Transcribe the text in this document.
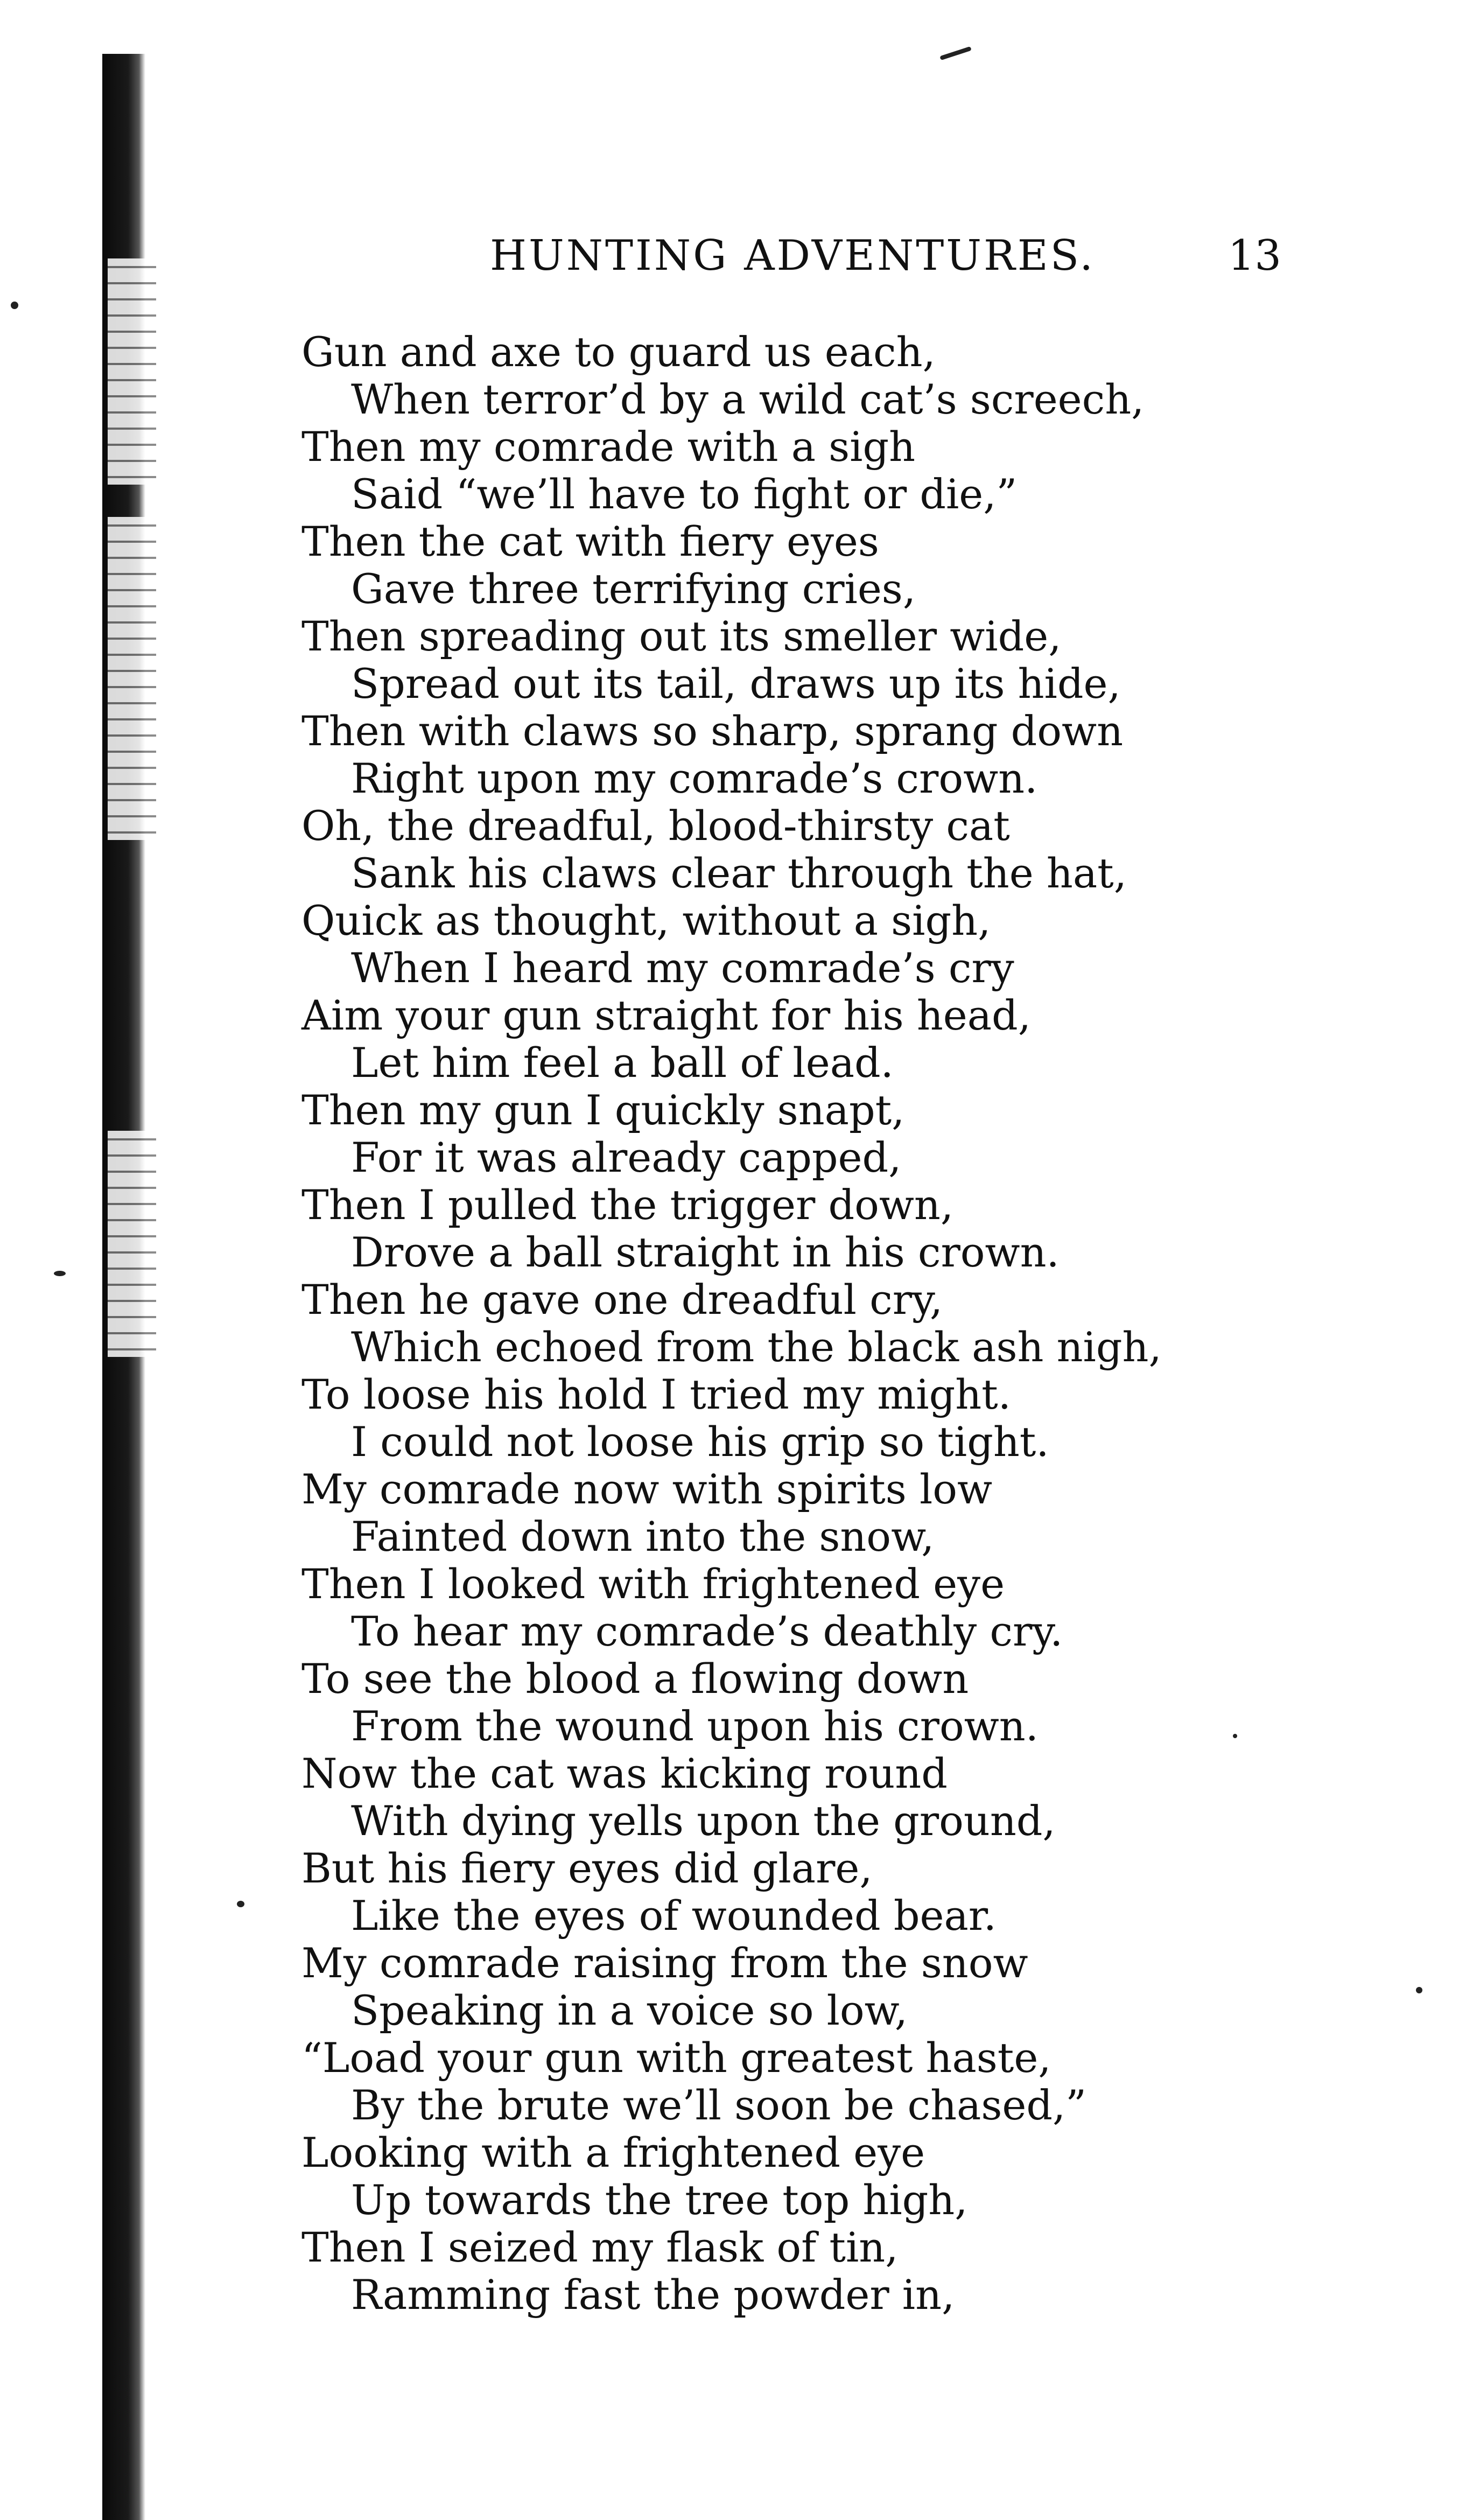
HUNTING ADVENTURES.	13
Gun and axe to guard us each,
When terror’d by a wild cat’s screech,
Then my comrade with a sigh
Said “we’ll have to fight or die,”
Then the cat with fiery eyes
Gave three terrifying cries,
Then spreading out its smeller wide,
Spread out its tail, draws up its hide,
Then with claws so sharp, sprang down
Right upon my comrade’s crown.
Oh, the dreadful, blood-thirsty cat
Sank his claws clear through the hat,
Quick as thought, without a sigh,
When I heard my comrade’s cry
Aim your gun straight for his head,
Let him feel a ball of lead.
Then my gun I quickly snapt,
For it was already capped,
Then I pulled the trigger down,
Drove a ball straight in his crown.
Then he gave one dreadful cry,
Which echoed from the black ash nigh,
To loose his hold I tried my might.
I could not loose his grip so tight.
My comrade now with spirits low
Fainted down into the snow,
Then I looked with frightened eye
To hear my comrade’s deathly cry.
To see the blood a flowing down
From the wound upon his crown.
Now the cat was kicking round
With dying yells upon the ground,
But his fiery eyes did glare,
Like the eyes of wounded bear.
My comrade raising from the snow
Speaking in a voice so low,
“Load your gun with greatest haste,
By the brute we’ll soon be chased,”
Looking with a frightened eye
Up towards the tree top high,
Then I seized my flask of tin,
Ramming fast the powder in,
